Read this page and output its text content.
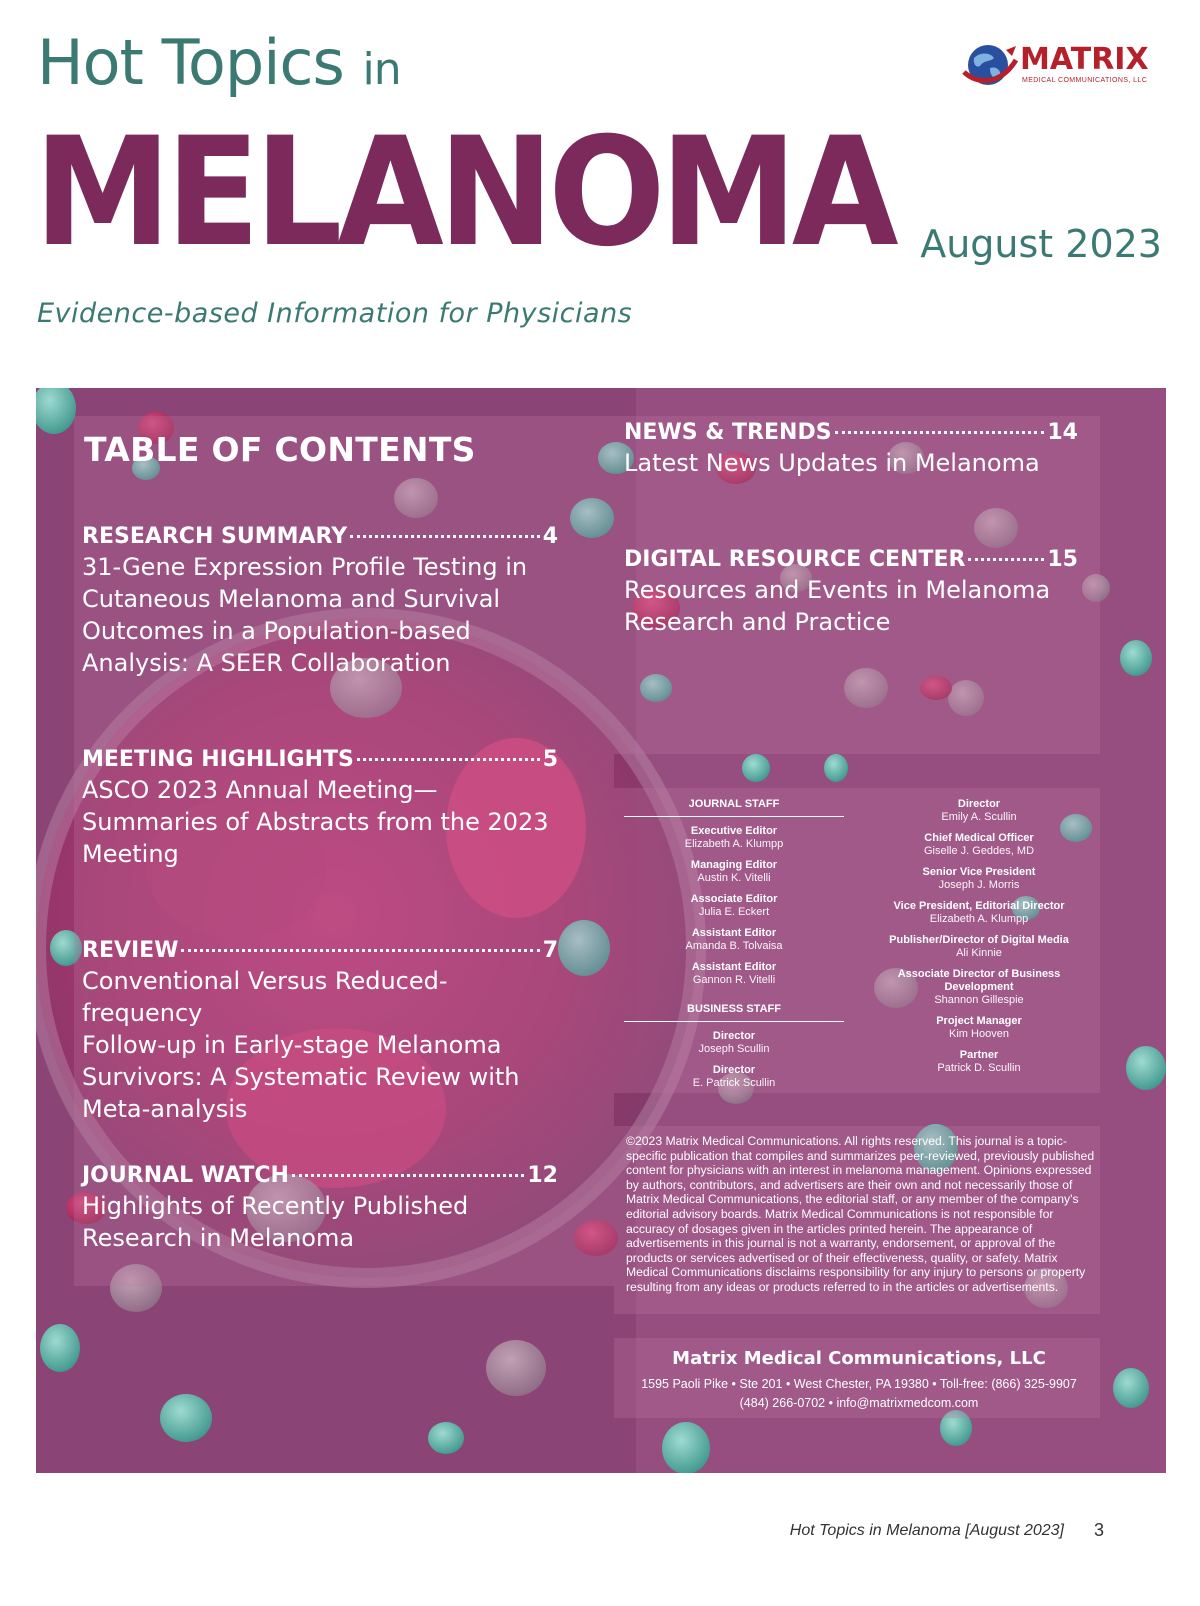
Hot Topics in
MELANOMA August 2023
Evidence-based Information for Physicians
MATRIX
MEDICAL COMMUNICATIONS, LLC
TABLE OF CONTENTS
RESEARCH SUMMARY	4
31-Gene Expression Profile Testing in
Cutaneous Melanoma and Survival
Outcomes in a Population-based
Analysis: A SEER Collaboration
MEETING HIGHLIGHTS	5
ASCO 2023 Annual Meeting—
Summaries of Abstracts from the 2023
Meeting
REVIEW	7
Conventional Versus Reduced-frequency
Follow-up in Early-stage Melanoma
Survivors: A Systematic Review with
Meta-analysis
JOURNAL WATCH	12
Highlights of Recently Published
Research in Melanoma
NEWS & TRENDS	14
Latest News Updates in Melanoma
DIGITAL RESOURCE CENTER	15
Resources and Events in Melanoma
Research and Practice
JOURNAL STAFF
Executive Editor
Elizabeth A. Klumpp
Managing Editor
Austin K. Vitelli
Associate Editor
Julia E. Eckert
Assistant Editor
Amanda B. Tolvaisa
Assistant Editor
Gannon R. Vitelli
BUSINESS STAFF
Director
Joseph Scullin
Director
E. Patrick Scullin
Director
Emily A. Scullin
Chief Medical Officer
Giselle J. Geddes, MD
Senior Vice President
Joseph J. Morris
Vice President, Editorial Director
Elizabeth A. Klumpp
Publisher/Director of Digital Media
Ali Kinnie
Associate Director of Business Development
Shannon Gillespie
Project Manager
Kim Hooven
Partner
Patrick D. Scullin
©2023 Matrix Medical Communications. All rights reserved. This journal is a topic-specific publication that compiles and summarizes peer-reviewed, previously published content for physicians with an interest in melanoma management. Opinions expressed by authors, contributors, and advertisers are their own and not necessarily those of Matrix Medical Communications, the editorial staff, or any member of the company's editorial advisory boards. Matrix Medical Communications is not responsible for accuracy of dosages given in the articles printed herein. The appearance of advertisements in this journal is not a warranty, endorsement, or approval of the products or services advertised or of their effectiveness, quality, or safety. Matrix Medical Communications disclaims responsibility for any injury to persons or property resulting from any ideas or products referred to in the articles or advertisements.
Matrix Medical Communications, LLC
1595 Paoli Pike • Ste 201 • West Chester, PA 19380 • Toll-free: (866) 325-9907
(484) 266-0702 • info@matrixmedcom.com
Hot Topics in Melanoma [August 2023] 3
